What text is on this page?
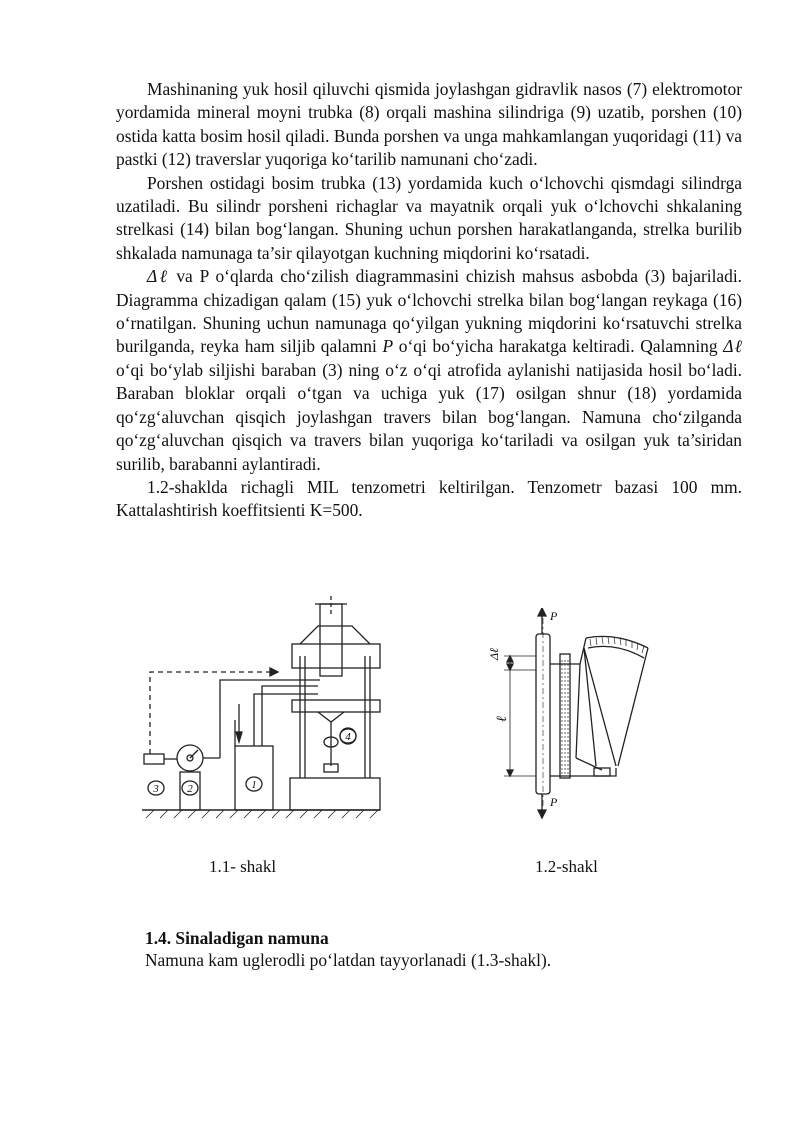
Mashinaning yuk hosil qiluvchi qismida joylashgan gidravlik nasos (7) elektromotor yordamida mineral moyni trubka (8) orqali mashina silindriga (9) uzatib, porshen (10) ostida katta bosim hosil qiladi. Bunda porshen va unga mahkamlangan yuqoridagi (11) va pastki (12) traverslar yuqoriga ko‘tarilib namunani cho‘zadi.

Porshen ostidagi bosim trubka (13) yordamida kuch o‘lchovchi qismdagi silindrga uzatiladi. Bu silindr porsheni richaglar va mayatnik orqali yuk o‘lchovchi shkalaning strelkasi (14) bilan bog‘langan. Shuning uchun porshen harakatlanganda, strelka burilib shkalada namunaga ta’sir qilayotgan kuchning miqdorini ko‘rsatadi.

Δℓ va P o‘qlarda cho‘zilish diagrammasini chizish mahsus asbobda (3) bajariladi. Diagramma chizadigan qalam (15) yuk o‘lchovchi strelka bilan bog‘langan reykaga (16) o‘rnatilgan. Shuning uchun namunaga qo‘yilgan yukning miqdorini ko‘rsatuvchi strelka burilganda, reyka ham siljib qalamni P o‘qi bo‘yicha harakatga keltiradi. Qalamning Δℓ o‘qi bo‘ylab siljishi baraban (3) ning o‘z o‘qi atrofida aylanishi natijasida hosil bo‘ladi. Baraban bloklar orqali o‘tgan va uchiga yuk (17) osilgan shnur (18) yordamida qo‘zg‘aluvchan qisqich joylashgan travers bilan bog‘langan. Namuna cho‘zilganda qo‘zg‘aluvchan qisqich va travers bilan yuqoriga ko‘tariladi va osilgan yuk ta’siridan surilib, barabanni aylantiradi.

1.2-shaklda richagli MIL tenzometri keltirilgan. Tenzometr bazasi 100 mm. Kattalashtirish koeffitsienti K=500.

3	2	1
4
P
P
Δℓ
ℓ
1.1- shakl	1.2-shakl
1.4. Sinaladigan namuna
Namuna kam uglerodli po‘latdan tayyorlanadi (1.3-shakl).
